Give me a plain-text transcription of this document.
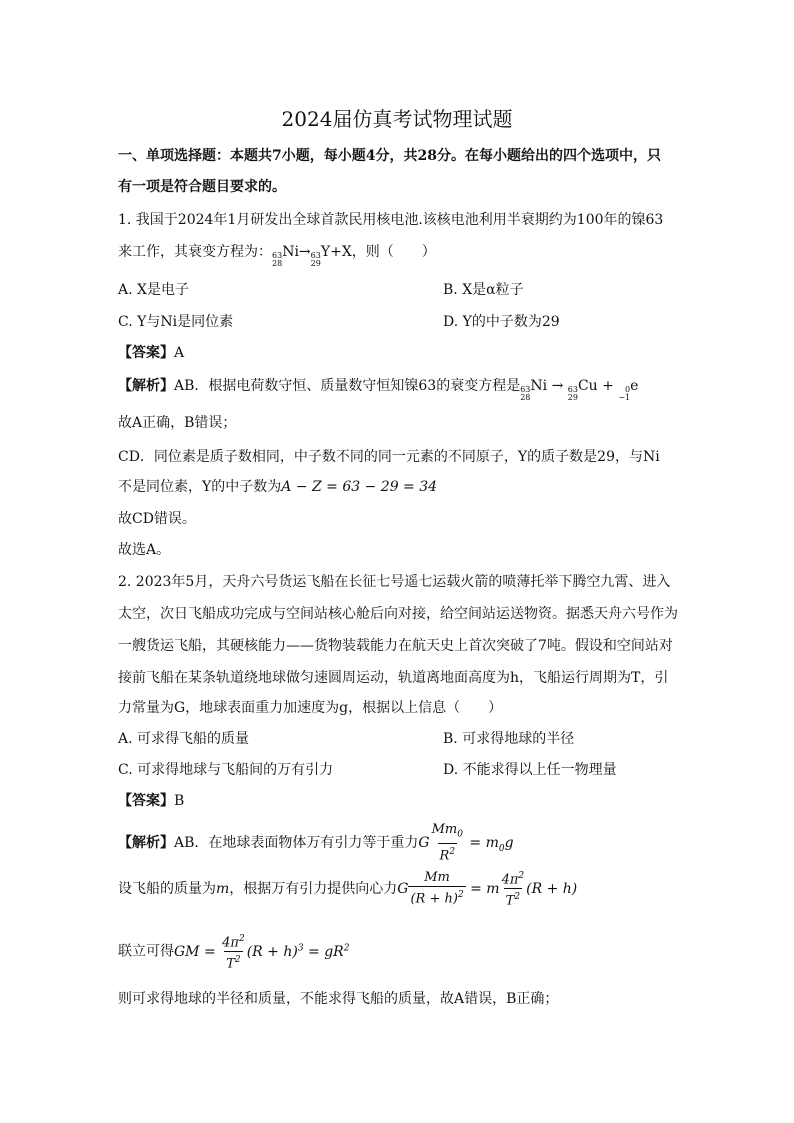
2024届仿真考试物理试题
一、单项选择题：本题共7小题，每小题4分，共28分。在每小题给出的四个选项中，只
有一项是符合题目要求的。
1. 我国于2024年1月研发出全球首款民用核电池.该核电池利用半衰期约为100年的镍63
来工作，其衰变方程为： 63
28
Ni→ 63
29
Y+X，则（　　）
A. X是电子	B. X是α粒子
C. Y与Ni是同位素	D. Y的中子数为29
【答案】A
【解析】AB．根据电荷数守恒、质量数守恒知镍63的衰变方程是 63
28
Ni → 63
29
Cu + 0
−1
e
故A正确，B错误；
CD．同位素是质子数相同，中子数不同的同一元素的不同原子，Y的质子数是29，与Ni
不是同位素，Y的中子数为A − Z = 63 − 29 = 34
故CD错误。
故选A。
2. 2023年5月，天舟六号货运飞船在长征七号遥七运载火箭的喷薄托举下腾空九霄、进入
太空，次日飞船成功完成与空间站核心舱后向对接，给空间站运送物资。据悉天舟六号作为
一艘货运飞船，其硬核能力——货物装载能力在航天史上首次突破了7吨。假设和空间站对
接前飞船在某条轨道绕地球做匀速圆周运动，轨道离地面高度为h，飞船运行周期为T，引
力常量为G，地球表面重力加速度为g，根据以上信息（　　）
A. 可求得飞船的质量	B. 可求得地球的半径
C. 可求得地球与飞船间的万有引力	D. 不能求得以上任一物理量
【答案】B
【解析】AB．在地球表面物体万有引力等于重力G $\frac{Mm_0}{R^2} = m_0g$
设飞船的质量为m，根据万有引力提供向心力G $\frac{Mm}{(R + h)^2} = m \frac{4\pi^2}{T^2} (R + h)$
联立可得GM = $\frac{4\pi^2}{T^2} (R + h)^3 = gR^2$
则可求得地球的半径和质量，不能求得飞船的质量，故A错误，B正确；
